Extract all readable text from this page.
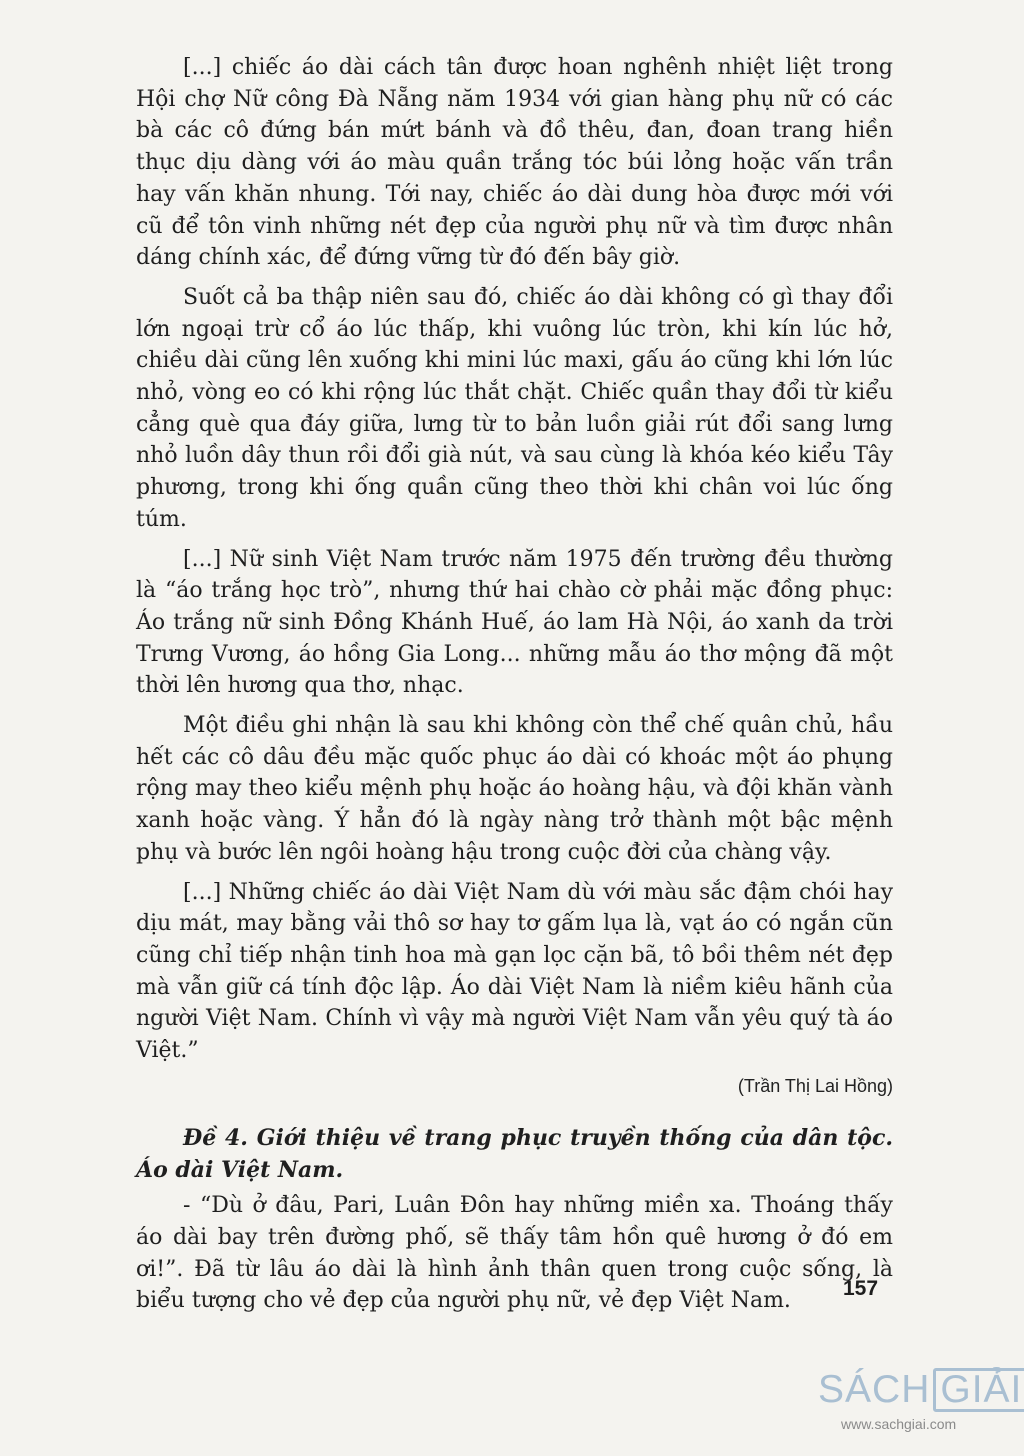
[...] chiếc áo dài cách tân được hoan nghênh nhiệt liệt trong Hội chợ Nữ công Đà Nẵng năm 1934 với gian hàng phụ nữ có các bà các cô đứng bán mứt bánh và đồ thêu, đan, đoan trang hiền thục dịu dàng với áo màu quần trắng tóc búi lỏng hoặc vấn trần hay vấn khăn nhung. Tới nay, chiếc áo dài dung hòa được mới với cũ để tôn vinh những nét đẹp của người phụ nữ và tìm được nhân dáng chính xác, để đứng vững từ đó đến bây giờ.

Suốt cả ba thập niên sau đó, chiếc áo dài không có gì thay đổi lớn ngoại trừ cổ áo lúc thấp, khi vuông lúc tròn, khi kín lúc hở, chiều dài cũng lên xuống khi mini lúc maxi, gấu áo cũng khi lớn lúc nhỏ, vòng eo có khi rộng lúc thắt chặt. Chiếc quần thay đổi từ kiểu cẳng què qua đáy giữa, lưng từ to bản luồn giải rút đổi sang lưng nhỏ luồn dây thun rồi đổi già nút, và sau cùng là khóa kéo kiểu Tây phương, trong khi ống quần cũng theo thời khi chân voi lúc ống túm.

[...] Nữ sinh Việt Nam trước năm 1975 đến trường đều thường là “áo trắng học trò”, nhưng thứ hai chào cờ phải mặc đồng phục: Áo trắng nữ sinh Đồng Khánh Huế, áo lam Hà Nội, áo xanh da trời Trưng Vương, áo hồng Gia Long... những mẫu áo thơ mộng đã một thời lên hương qua thơ, nhạc.

Một điều ghi nhận là sau khi không còn thể chế quân chủ, hầu hết các cô dâu đều mặc quốc phục áo dài có khoác một áo phụng rộng may theo kiểu mệnh phụ hoặc áo hoàng hậu, và đội khăn vành xanh hoặc vàng. Ý hẳn đó là ngày nàng trở thành một bậc mệnh phụ và bước lên ngôi hoàng hậu trong cuộc đời của chàng vậy.

[...] Những chiếc áo dài Việt Nam dù với màu sắc đậm chói hay dịu mát, may bằng vải thô sơ hay tơ gấm lụa là, vạt áo có ngắn cũn cũng chỉ tiếp nhận tinh hoa mà gạn lọc cặn bã, tô bồi thêm nét đẹp mà vẫn giữ cá tính độc lập. Áo dài Việt Nam là niềm kiêu hãnh của người Việt Nam. Chính vì vậy mà người Việt Nam vẫn yêu quý tà áo Việt.”

(Trần Thị Lai Hồng)

Đề 4. Giới thiệu về trang phục truyền thống của dân tộc. Áo dài Việt Nam.

- “Dù ở đâu, Pari, Luân Đôn hay những miền xa. Thoáng thấy áo dài bay trên đường phố, sẽ thấy tâm hồn quê hương ở đó em ơi!”. Đã từ lâu áo dài là hình ảnh thân quen trong cuộc sống, là biểu tượng cho vẻ đẹp của người phụ nữ, vẻ đẹp Việt Nam.	157
SÁCH GIẢI
www.sachgiai.com
